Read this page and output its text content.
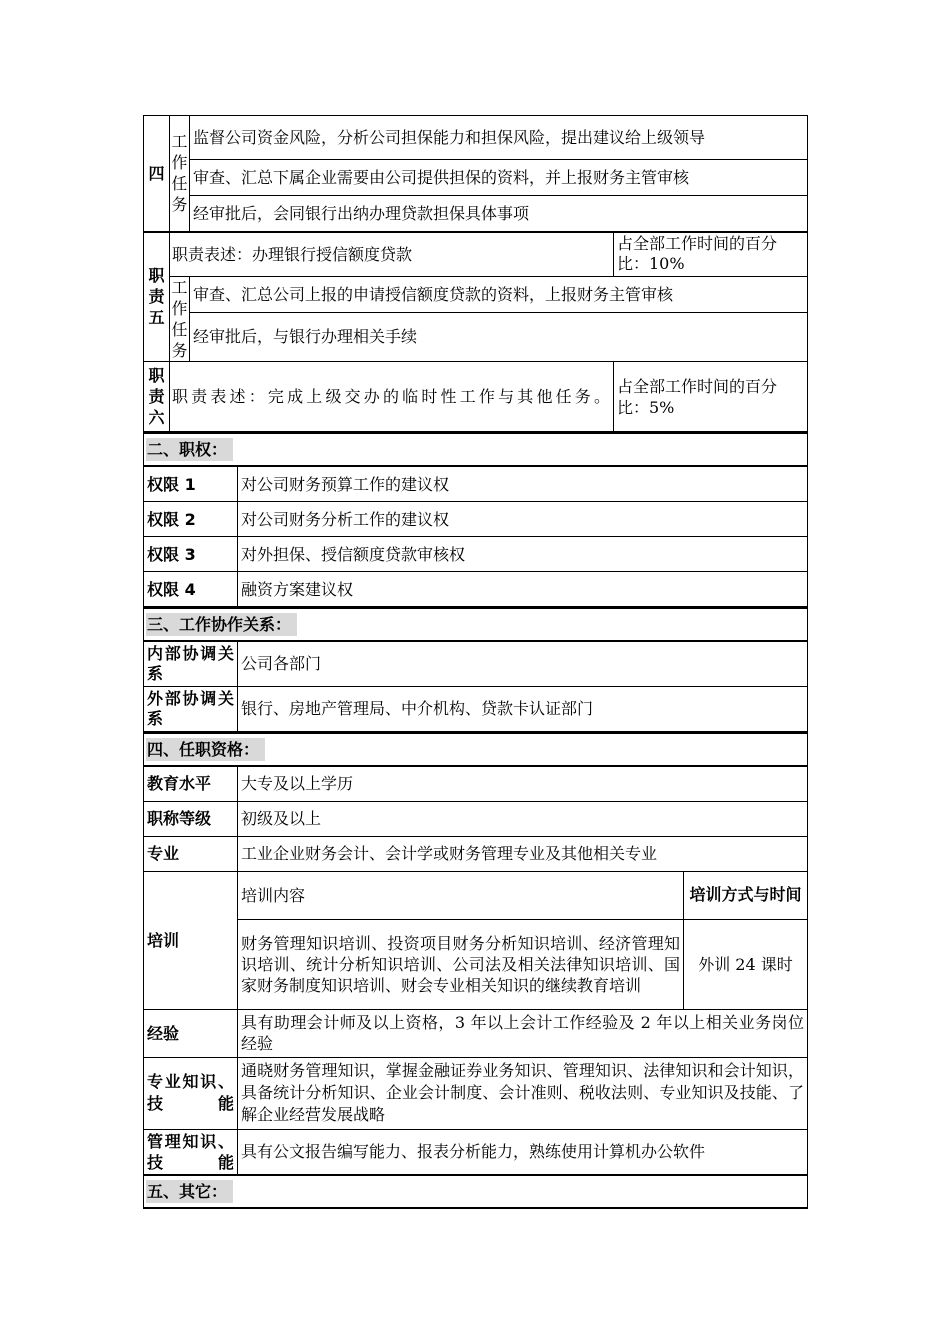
四	工作任务	监督公司资金风险，分析公司担保能力和担保风险，提出建议给上级领导	
		审查、汇总下属企业需要由公司提供担保的资料，并上报财务主管审核	
		经审批后，会同银行出纳办理贷款担保具体事项	
职责五	职责表述：办理银行授信额度贷款		占全部工作时间的百分比：10%
	工作任务	审查、汇总公司上报的申请授信额度贷款的资料，上报财务主管审核	
		经审批后，与银行办理相关手续	
职责六	职责表述：完成上级交办的临时性工作与其他任务。		占全部工作时间的百分比：5%
二、职权：	
权限 1	对公司财务预算工作的建议权
权限 2	对公司财务分析工作的建议权
权限 3	对外担保、授信额度贷款审核权
权限 4	融资方案建议权
三、工作协作关系：	
内部协调关系	公司各部门
外部协调关系	银行、房地产管理局、中介机构、贷款卡认证部门
四、任职资格：		
教育水平	大专及以上学历	
职称等级	初级及以上	
专业	工业企业财务会计、会计学或财务管理专业及其他相关专业	
培训	培训内容	培训方式与时间
	财务管理知识培训、投资项目财务分析知识培训、经济管理知识培训、统计分析知识培训、公司法及相关法律知识培训、国家财务制度知识培训、财会专业相关知识的继续教育培训	外训 24 课时
经验	具有助理会计师及以上资格，3 年以上会计工作经验及 2 年以上相关业务岗位经验	
专业知识、技能	通晓财务管理知识，掌握金融证券业务知识、管理知识、法律知识和会计知识，具备统计分析知识、企业会计制度、会计准则、税收法则、专业知识及技能、了解企业经营发展战略	
管理知识、技能	具有公文报告编写能力、报表分析能力，熟练使用计算机办公软件	
五、其它：		
